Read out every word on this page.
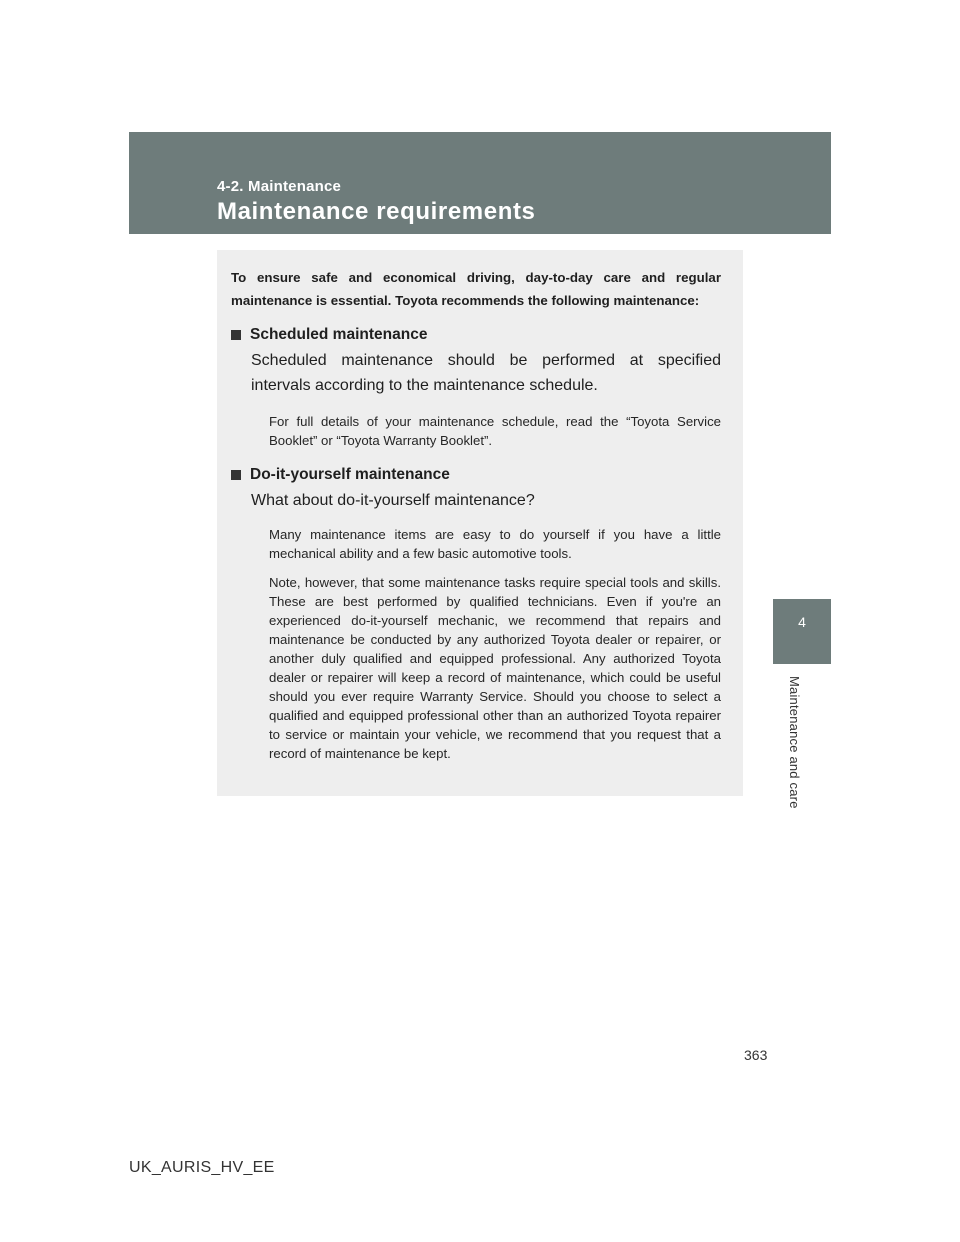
4-2. Maintenance
Maintenance requirements
4
Maintenance and care

To ensure safe and economical driving, day-to-day care and regular maintenance is essential. Toyota recommends the following maintenance:

Scheduled maintenance

Scheduled maintenance should be performed at specified intervals according to the maintenance schedule.

For full details of your maintenance schedule, read the “Toyota Service Booklet” or “Toyota Warranty Booklet”.

Do-it-yourself maintenance

What about do-it-yourself maintenance?

Many maintenance items are easy to do yourself if you have a little mechanical ability and a few basic automotive tools.

Note, however, that some maintenance tasks require special tools and skills. These are best performed by qualified technicians. Even if you're an experienced do-it-yourself mechanic, we recommend that repairs and maintenance be conducted by any authorized Toyota dealer or repairer, or another duly qualified and equipped professional. Any authorized Toyota dealer or repairer will keep a record of maintenance, which could be useful should you ever require Warranty Service. Should you choose to select a qualified and equipped professional other than an authorized Toyota repairer to service or maintain your vehicle, we recommend that you request that a record of maintenance be kept.

363
UK_AURIS_HV_EE
